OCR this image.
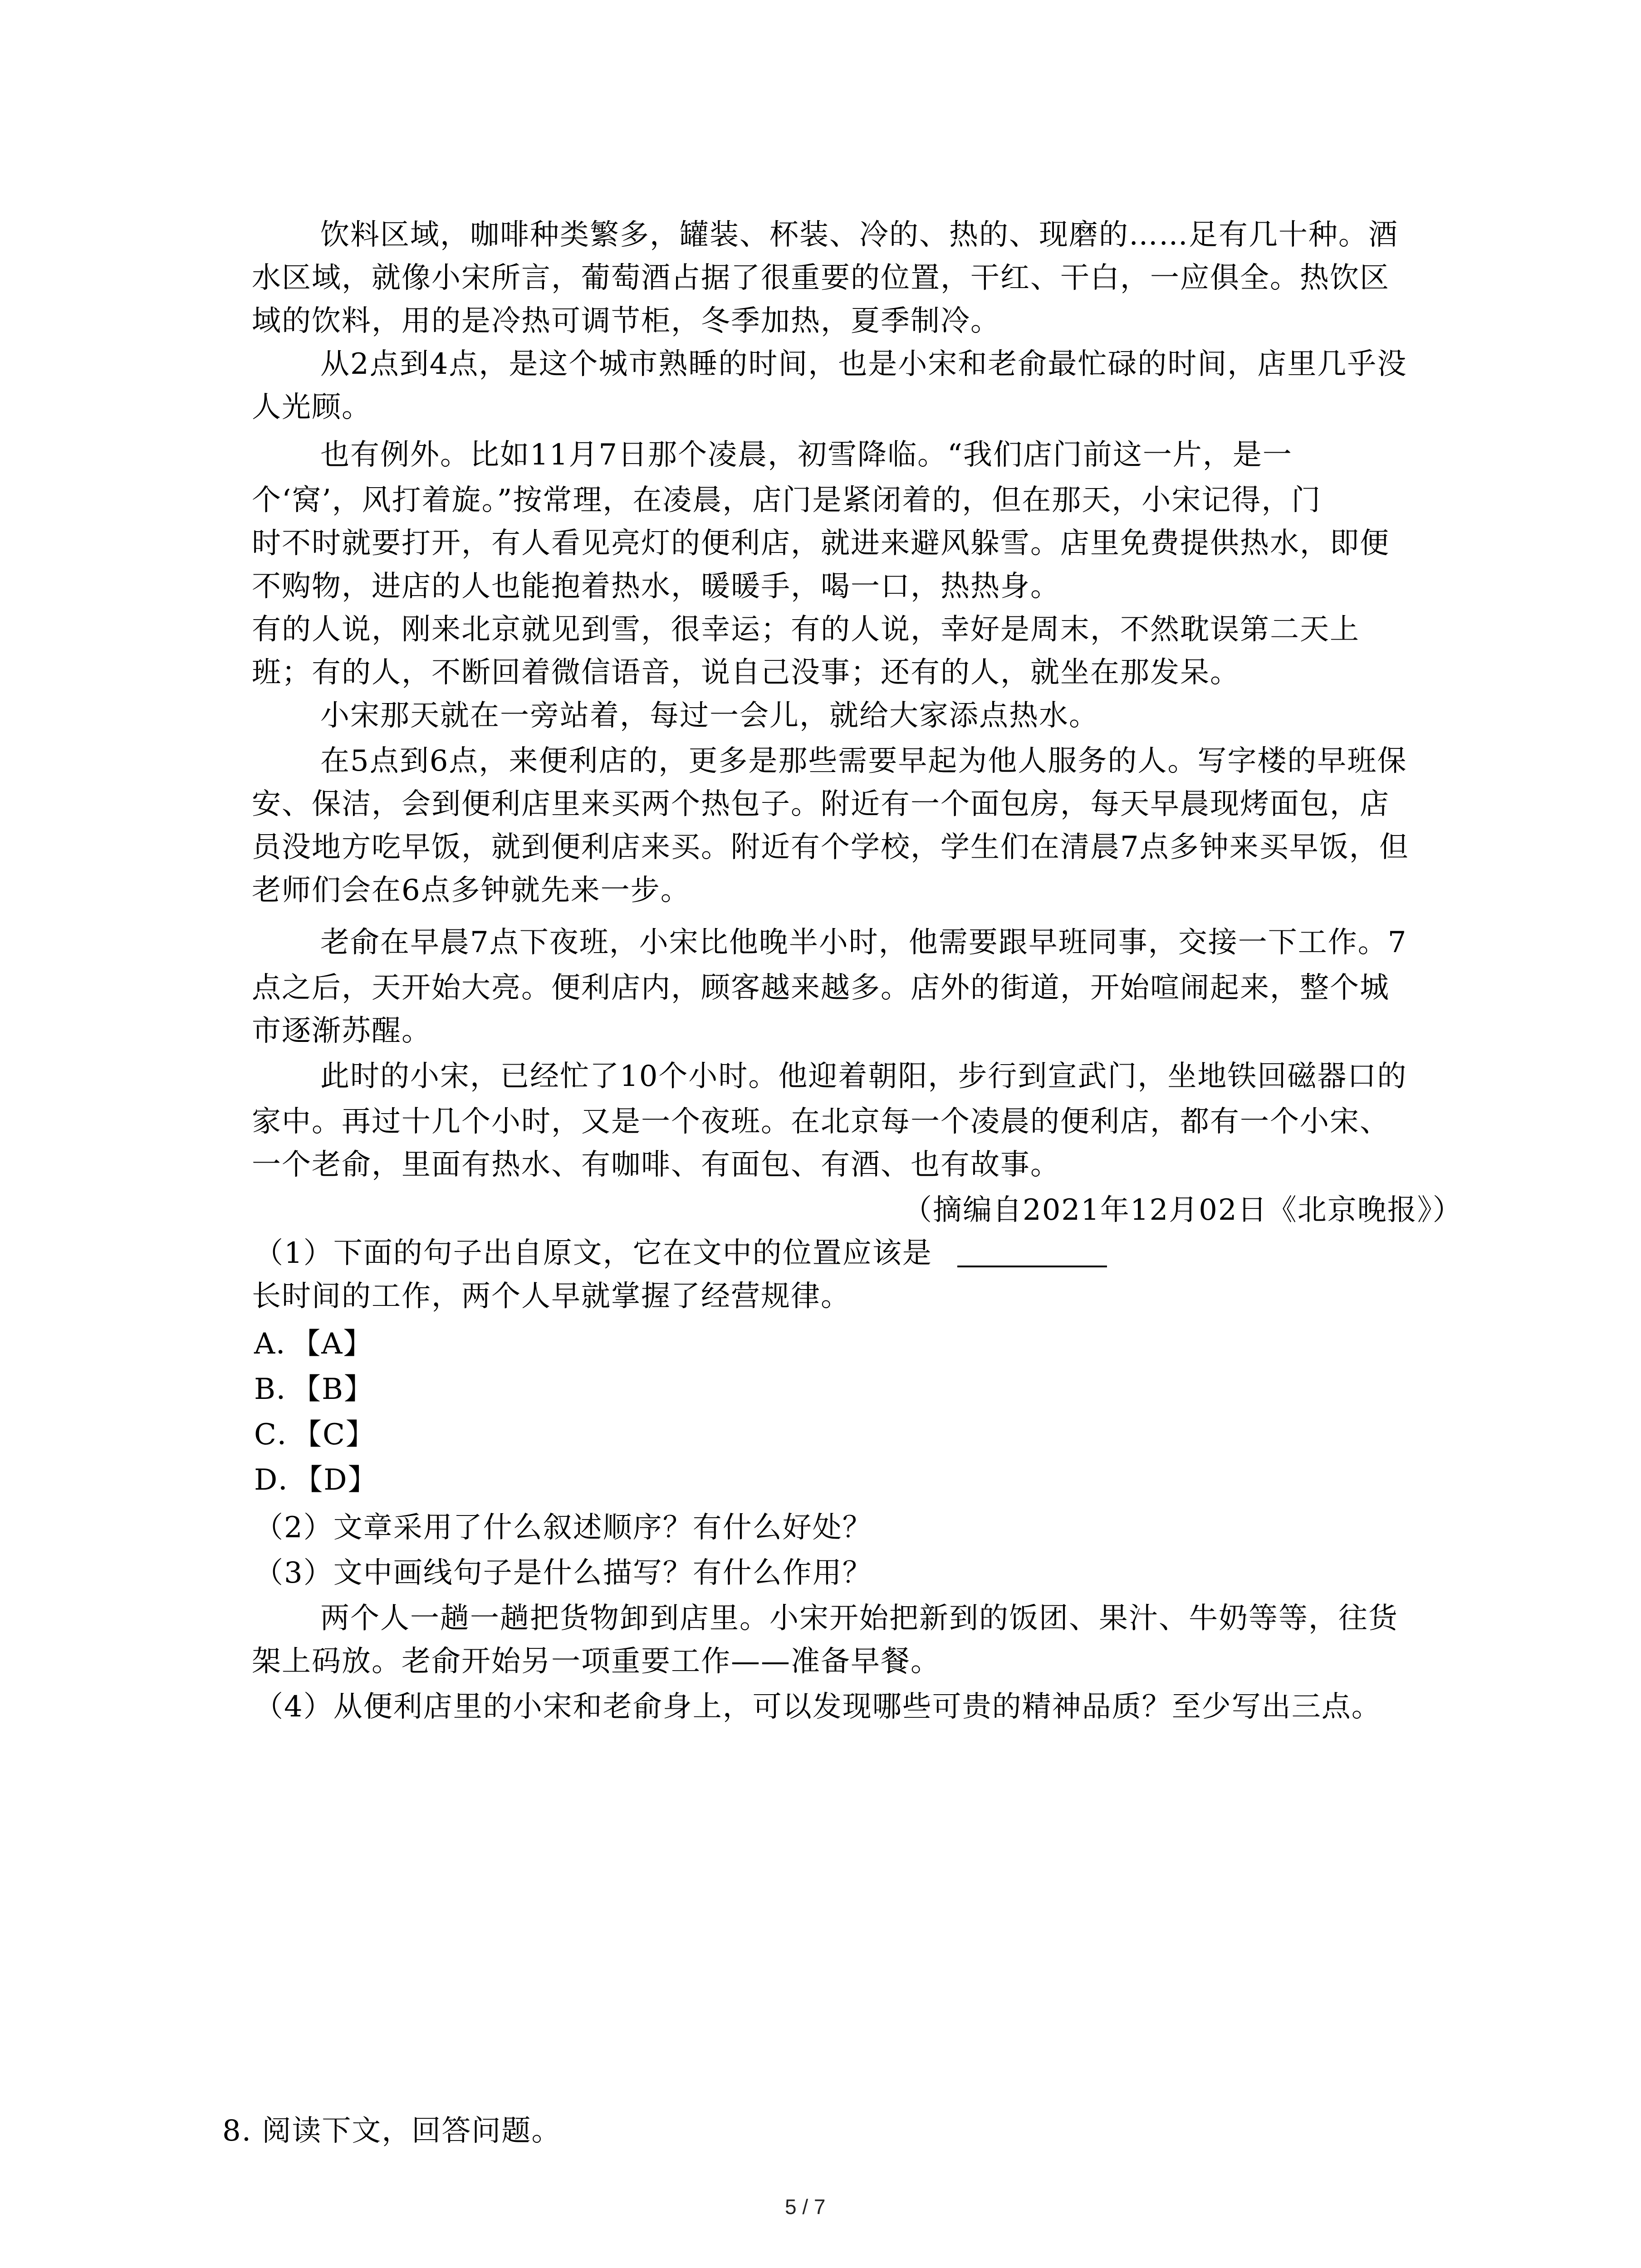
饮料区域，咖啡种类繁多，罐装、杯装、冷的、热的、现磨的……足有几十种。酒
水区域，就像小宋所言，葡萄酒占据了很重要的位置，干红、干白，一应俱全。热饮区
域的饮料，用的是冷热可调节柜，冬季加热，夏季制冷。
从2点到4点，是这个城市熟睡的时间，也是小宋和老俞最忙碌的时间，店里几乎没
人光顾。
也有例外。比如11月7日那个凌晨，初雪降临。“我们店门前这一片，是一
个‘窝’，风打着旋。”按常理，在凌晨，店门是紧闭着的，但在那天，小宋记得，门
时不时就要打开，有人看见亮灯的便利店，就进来避风躲雪。店里免费提供热水，即便
不购物，进店的人也能抱着热水，暖暖手，喝一口，热热身。
有的人说，刚来北京就见到雪，很幸运；有的人说，幸好是周末，不然耽误第二天上
班；有的人，不断回着微信语音，说自己没事；还有的人，就坐在那发呆。
小宋那天就在一旁站着，每过一会儿，就给大家添点热水。
在5点到6点，来便利店的，更多是那些需要早起为他人服务的人。写字楼的早班保
安、保洁，会到便利店里来买两个热包子。附近有一个面包房，每天早晨现烤面包，店
员没地方吃早饭，就到便利店来买。附近有个学校，学生们在清晨7点多钟来买早饭，但
老师们会在6点多钟就先来一步。
老俞在早晨7点下夜班，小宋比他晚半小时，他需要跟早班同事，交接一下工作。7
点之后，天开始大亮。便利店内，顾客越来越多。店外的街道，开始喧闹起来，整个城
市逐渐苏醒。
此时的小宋，已经忙了10个小时。他迎着朝阳，步行到宣武门，坐地铁回磁器口的
家中。再过十几个小时，又是一个夜班。在北京每一个凌晨的便利店，都有一个小宋、
一个老俞，里面有热水、有咖啡、有面包、有酒、也有故事。
（摘编自2021年12月02日《北京晚报》）
（1）下面的句子出自原文，它在文中的位置应该是
长时间的工作，两个人早就掌握了经营规律。
A．【A】
B．【B】
C．【C】
D．【D】
（2）文章采用了什么叙述顺序？有什么好处？
（3）文中画线句子是什么描写？有什么作用？
两个人一趟一趟把货物卸到店里。小宋开始把新到的饭团、果汁、牛奶等等，往货
架上码放。老俞开始另一项重要工作——准备早餐。
（4）从便利店里的小宋和老俞身上，可以发现哪些可贵的精神品质？至少写出三点。
8. 阅读下文，回答问题。
5 / 7
